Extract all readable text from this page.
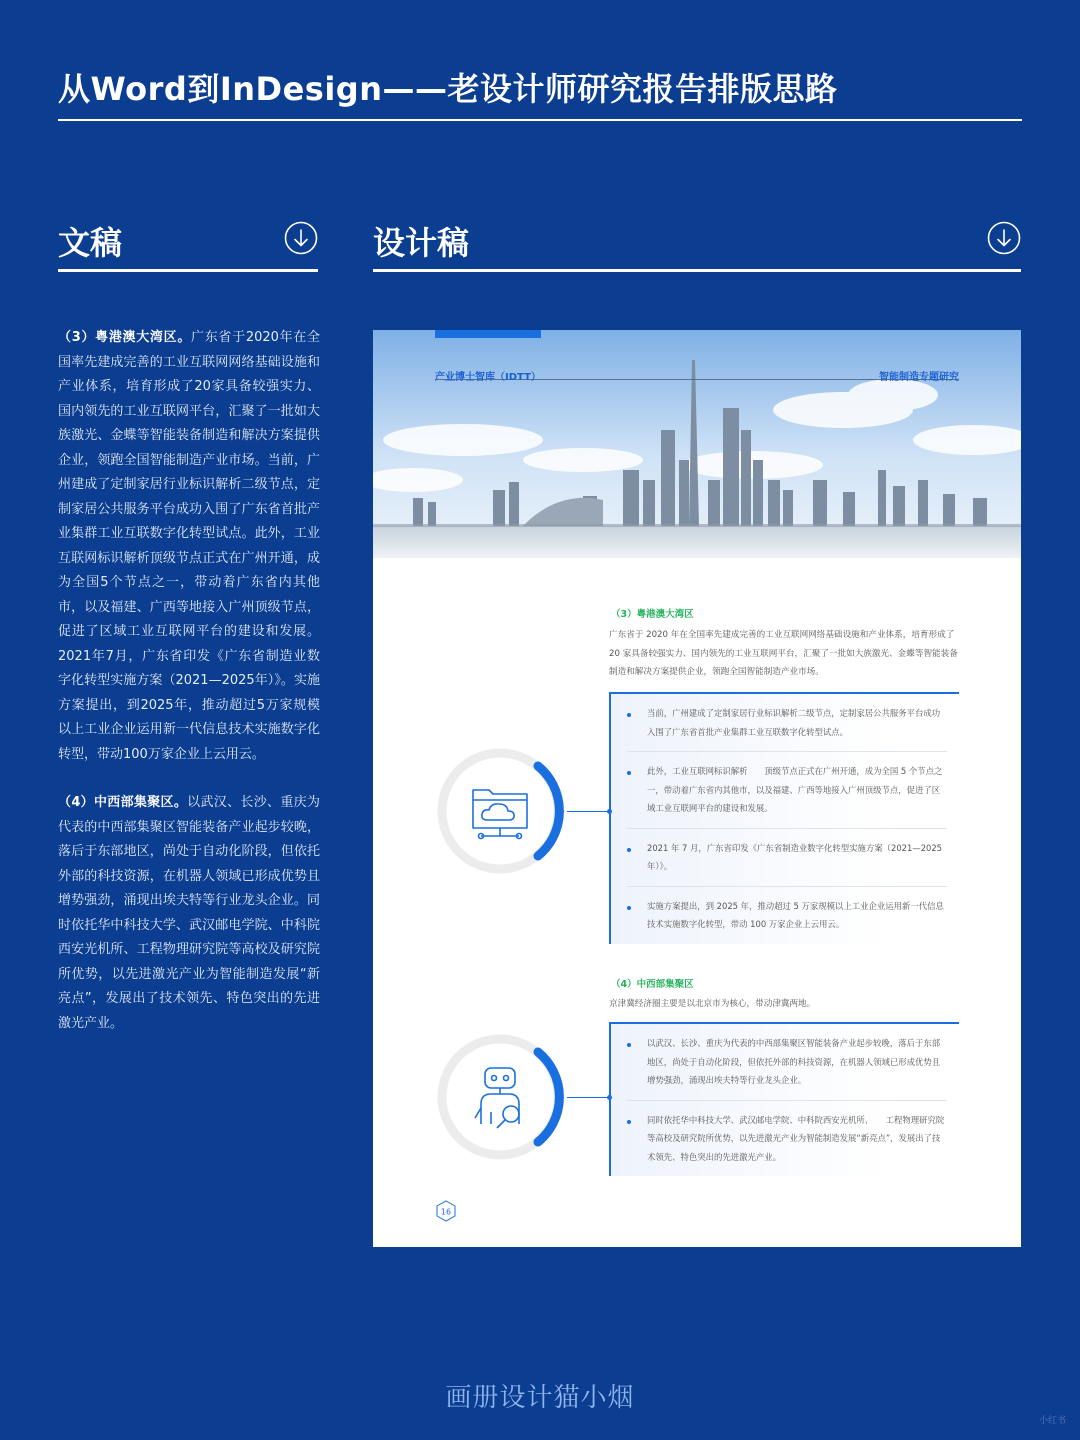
从Word到InDesign——老设计师研究报告排版思路
文稿	设计稿

（3）粤港澳大湾区。广东省于2020年在全国率先建成完善的工业互联网网络基础设施和产业体系，培育形成了20家具备较强实力、国内领先的工业互联网平台，汇聚了一批如大族激光、金蝶等智能装备制造和解决方案提供企业，领跑全国智能制造产业市场。当前，广州建成了定制家居行业标识解析二级节点，定制家居公共服务平台成功入围了广东省首批产业集群工业互联数字化转型试点。此外，工业互联网标识解析顶级节点正式在广州开通，成为全国5个节点之一，带动着广东省内其他市，以及福建、广西等地接入广州顶级节点，促进了区域工业互联网平台的建设和发展。2021年7月，广东省印发《广东省制造业数字化转型实施方案（2021—2025年）》。实施方案提出，到2025年，推动超过5万家规模以上工业企业运用新一代信息技术实施数字化转型，带动100万家企业上云用云。

（4）中西部集聚区。以武汉、长沙、重庆为代表的中西部集聚区智能装备产业起步较晚，落后于东部地区，尚处于自动化阶段，但依托外部的科技资源，在机器人领域已形成优势且增势强劲，涌现出埃夫特等行业龙头企业。同时依托华中科技大学、武汉邮电学院、中科院西安光机所、工程物理研究院等高校及研究院所优势，以先进激光产业为智能制造发展“新亮点”，发展出了技术领先、特色突出的先进激光产业。

产业博士智库（IDTT）	智能制造专题研究
（3）粤港澳大湾区
广东省于 2020 年在全国率先建成完善的工业互联网网络基础设施和产业体系，培育形成了 20 家具备较强实力、国内领先的工业互联网平台，汇聚了一批如大族激光、金蝶等智能装备制造和解决方案提供企业，领跑全国智能制造产业市场。
当前，广州建成了定制家居行业标识解析二级节点，定制家居公共服务平台成功入围了广东省首批产业集群工业互联数字化转型试点。
此外，工业互联网标识解析　　顶级节点正式在广州开通，成为全国 5 个节点之一，带动着广东省内其他市，以及福建、广西等地接入广州顶级节点，促进了区域工业互联网平台的建设和发展。
2021 年 7 月，广东省印发《广东省制造业数字化转型实施方案（2021—2025 年）》。
实施方案提出，到 2025 年，推动超过 5 万家规模以上工业企业运用新一代信息技术实施数字化转型，带动 100 万家企业上云用云。
（4）中西部集聚区
京津冀经济圈主要是以北京市为核心，带动津冀两地。
以武汉、长沙、重庆为代表的中西部集聚区智能装备产业起步较晚，落后于东部地区，尚处于自动化阶段，但依托外部的科技资源，在机器人领域已形成优势且增势强劲，涌现出埃夫特等行业龙头企业。
同时依托华中科技大学、武汉邮电学院、中科院西安光机所、　　工程物理研究院等高校及研究院所优势，以先进激光产业为智能制造发展“新亮点”，发展出了技术领先、特色突出的先进激光产业。
16
画册设计猫小烟
小红书
